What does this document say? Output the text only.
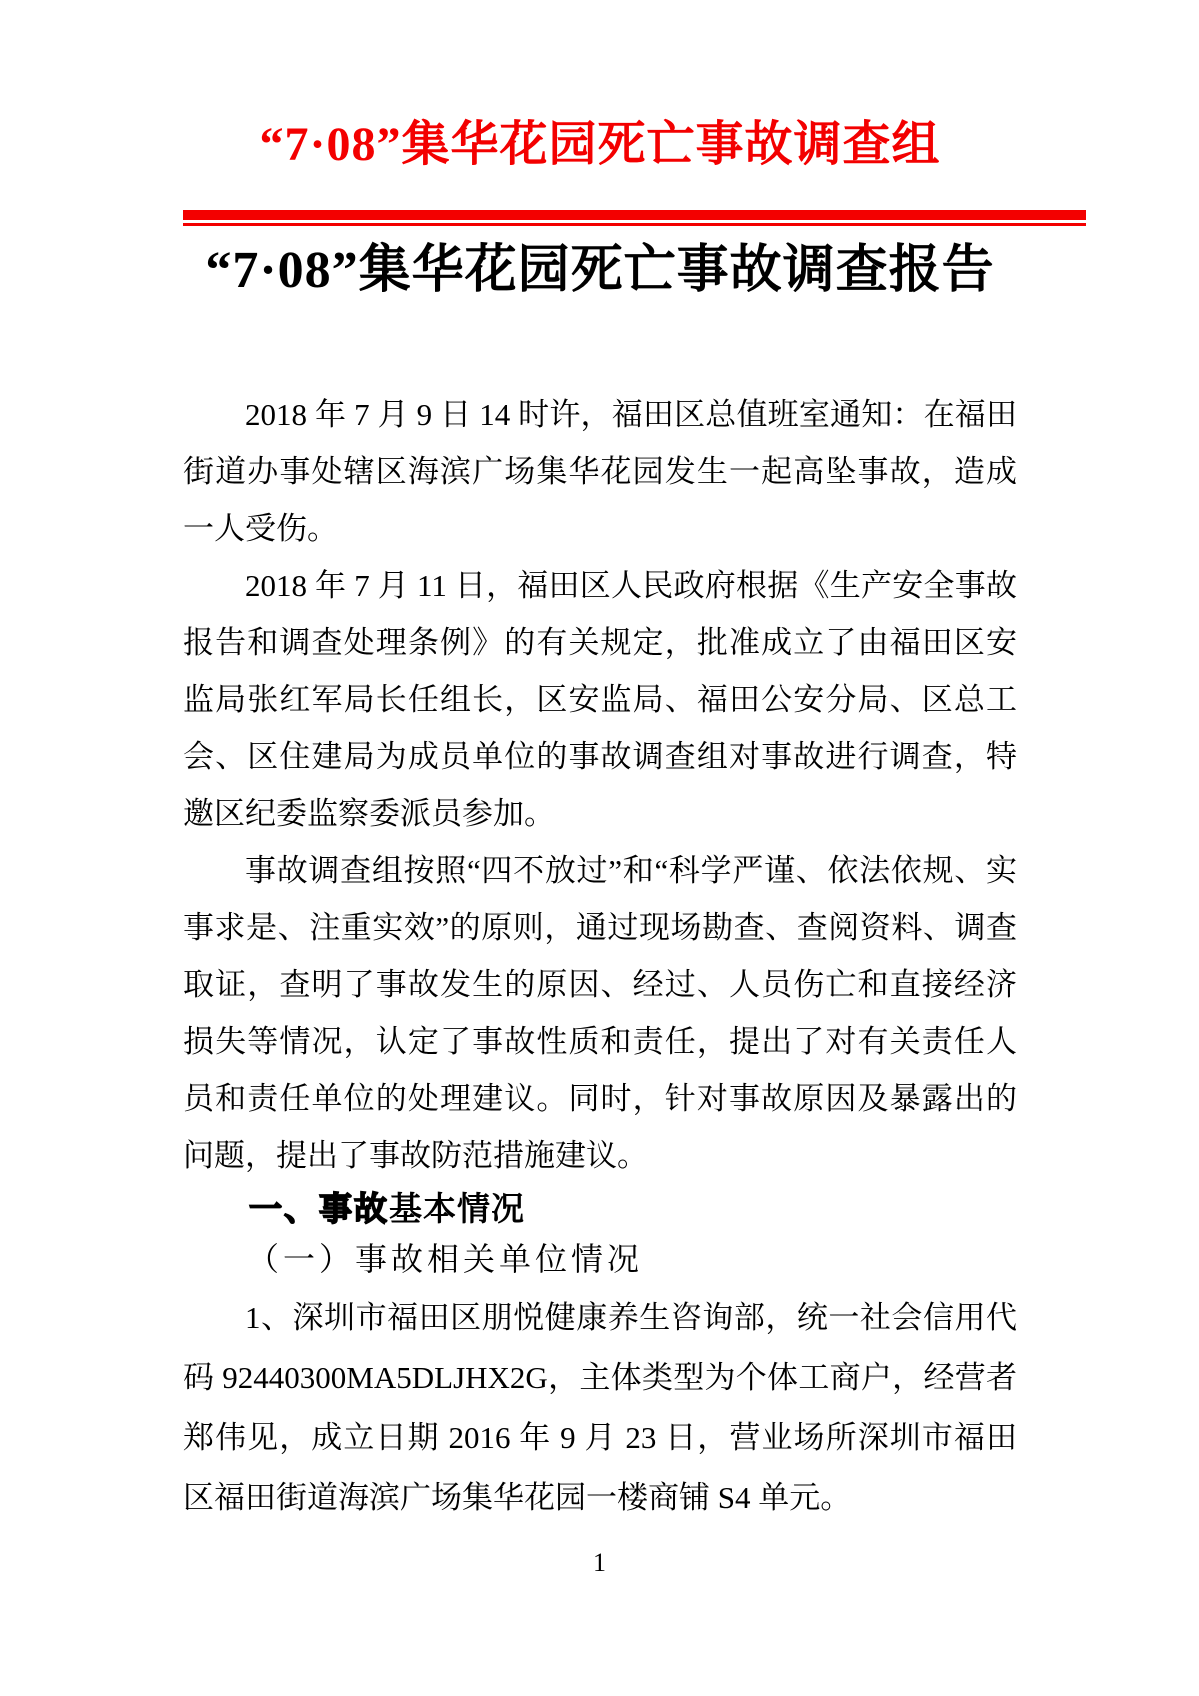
“7·08”集华花园死亡事故调查组
“7·08”集华花园死亡事故调查报告

2018 年 7 月 9 日 14 时许，福田区总值班室通知：在福田街道办事处辖区海滨广场集华花园发生一起高坠事故，造成一人受伤。

2018 年 7 月 11 日，福田区人民政府根据《生产安全事故报告和调查处理条例》的有关规定，批准成立了由福田区安监局张红军局长任组长，区安监局、福田公安分局、区总工会、区住建局为成员单位的事故调查组对事故进行调查，特邀区纪委监察委派员参加。

事故调查组按照“四不放过”和“科学严谨、依法依规、实事求是、注重实效”的原则，通过现场勘查、查阅资料、调查取证，查明了事故发生的原因、经过、人员伤亡和直接经济损失等情况，认定了事故性质和责任，提出了对有关责任人员和责任单位的处理建议。同时，针对事故原因及暴露出的问题，提出了事故防范措施建议。

一、事故基本情况

（一）事故相关单位情况

1、深圳市福田区朋悦健康养生咨询部，统一社会信用代码 92440300MA5DLJHX2G，主体类型为个体工商户，经营者郑伟见，成立日期 2016 年 9 月 23 日，营业场所深圳市福田区福田街道海滨广场集华花园一楼商铺 S4 单元。

1
